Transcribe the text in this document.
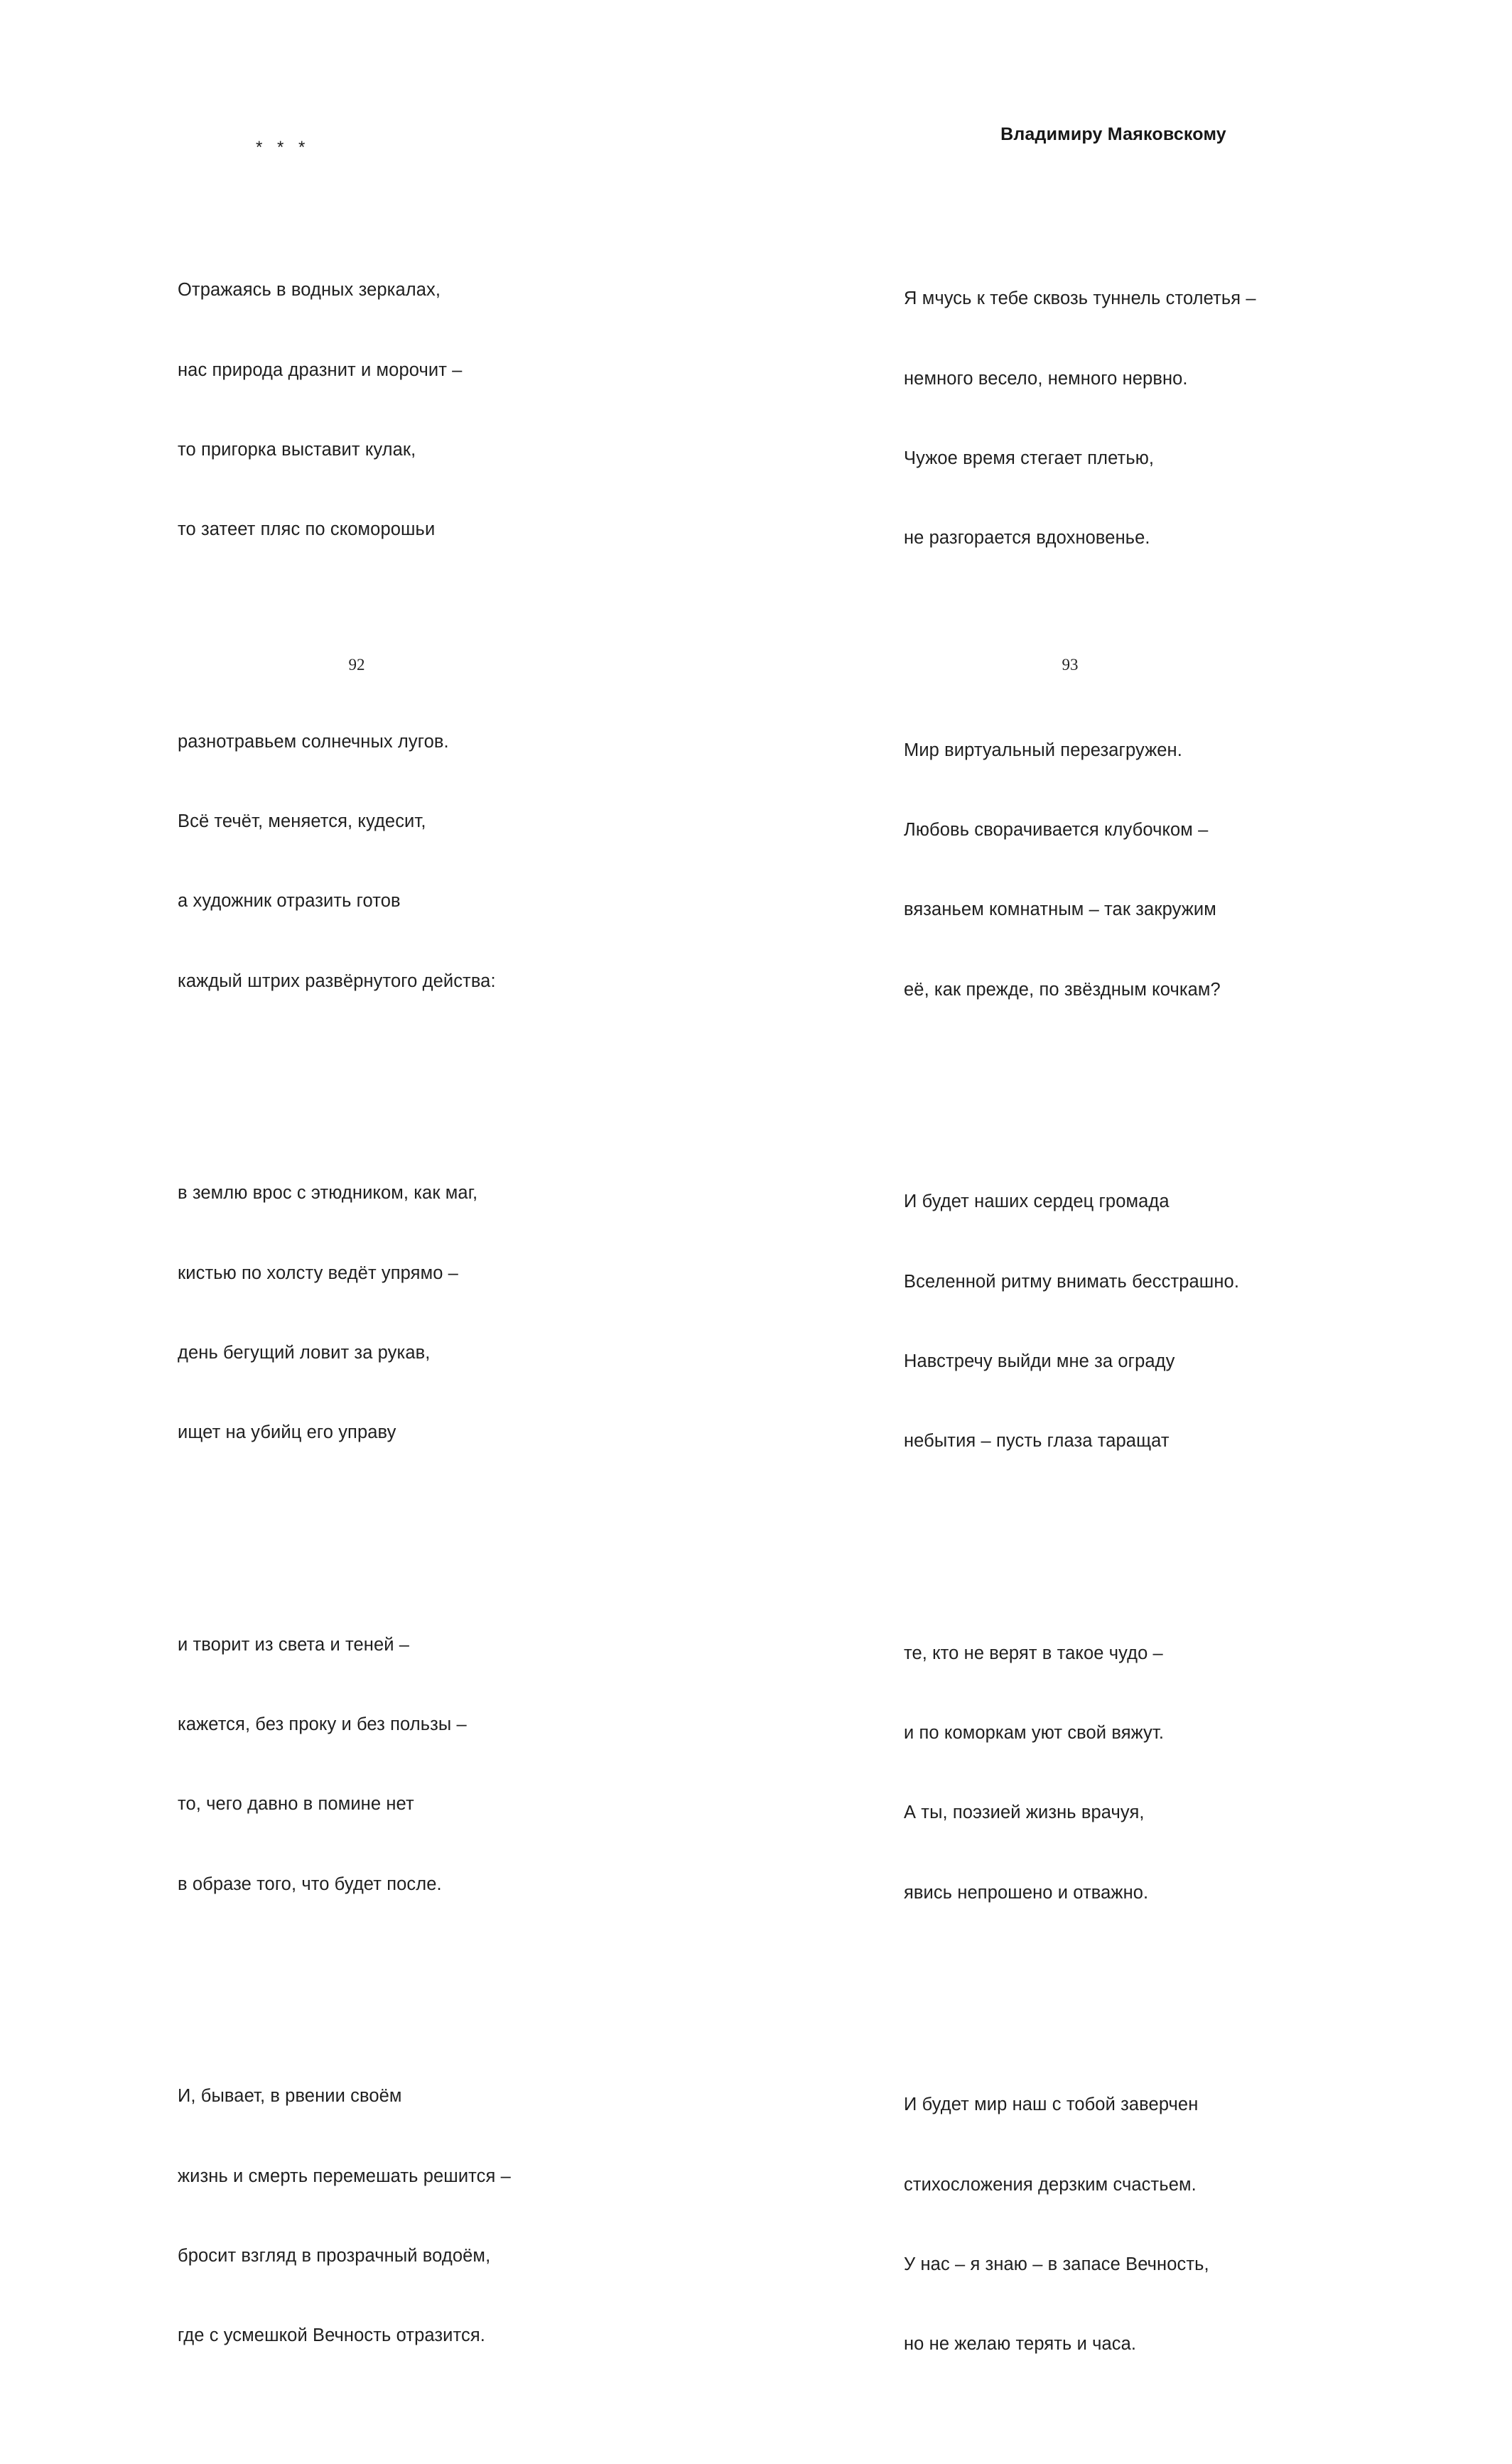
* * *

Отражаясь в водных зеркалах,

нас природа дразнит и морочит –

то пригорка выставит кулак,

то затеет пляс по скоморошьи

разнотравьем солнечных лугов.

Всё течёт, меняется, кудесит,

а художник отразить готов

каждый штрих развёрнутого действа:

в землю врос с этюдником, как маг,

кистью по холсту ведёт упрямо –

день бегущий ловит за рукав,

ищет на убийц его управу

и творит из света и теней –

кажется, без проку и без пользы –

то, чего давно в помине нет

в образе того, что будет после.

И, бывает, в рвении своём

жизнь и смерть перемешать решится –

бросит взгляд в прозрачный водоём,

где с усмешкой Вечность отразится.

92

Владимиру Маяковскому

Я мчусь к тебе сквозь туннель столетья –

немного весело, немного нервно.

Чужое время стегает плетью,

не разгорается вдохновенье.

Мир виртуальный перезагружен.

Любовь сворачивается клубочком –

вязаньем комнатным – так закружим

её, как прежде, по звёздным кочкам?

И будет наших сердец громада

Вселенной ритму внимать бесстрашно.

Навстречу выйди мне за ограду

небытия – пусть глаза таращат

те, кто не верят в такое чудо –

и по коморкам уют свой вяжут.

А ты, поэзией жизнь врачуя,

явись непрошено и отважно.

И будет мир наш с тобой заверчен

стихосложения дерзким счастьем.

У нас – я знаю – в запасе Вечность,

но не желаю терять и часа.

93
